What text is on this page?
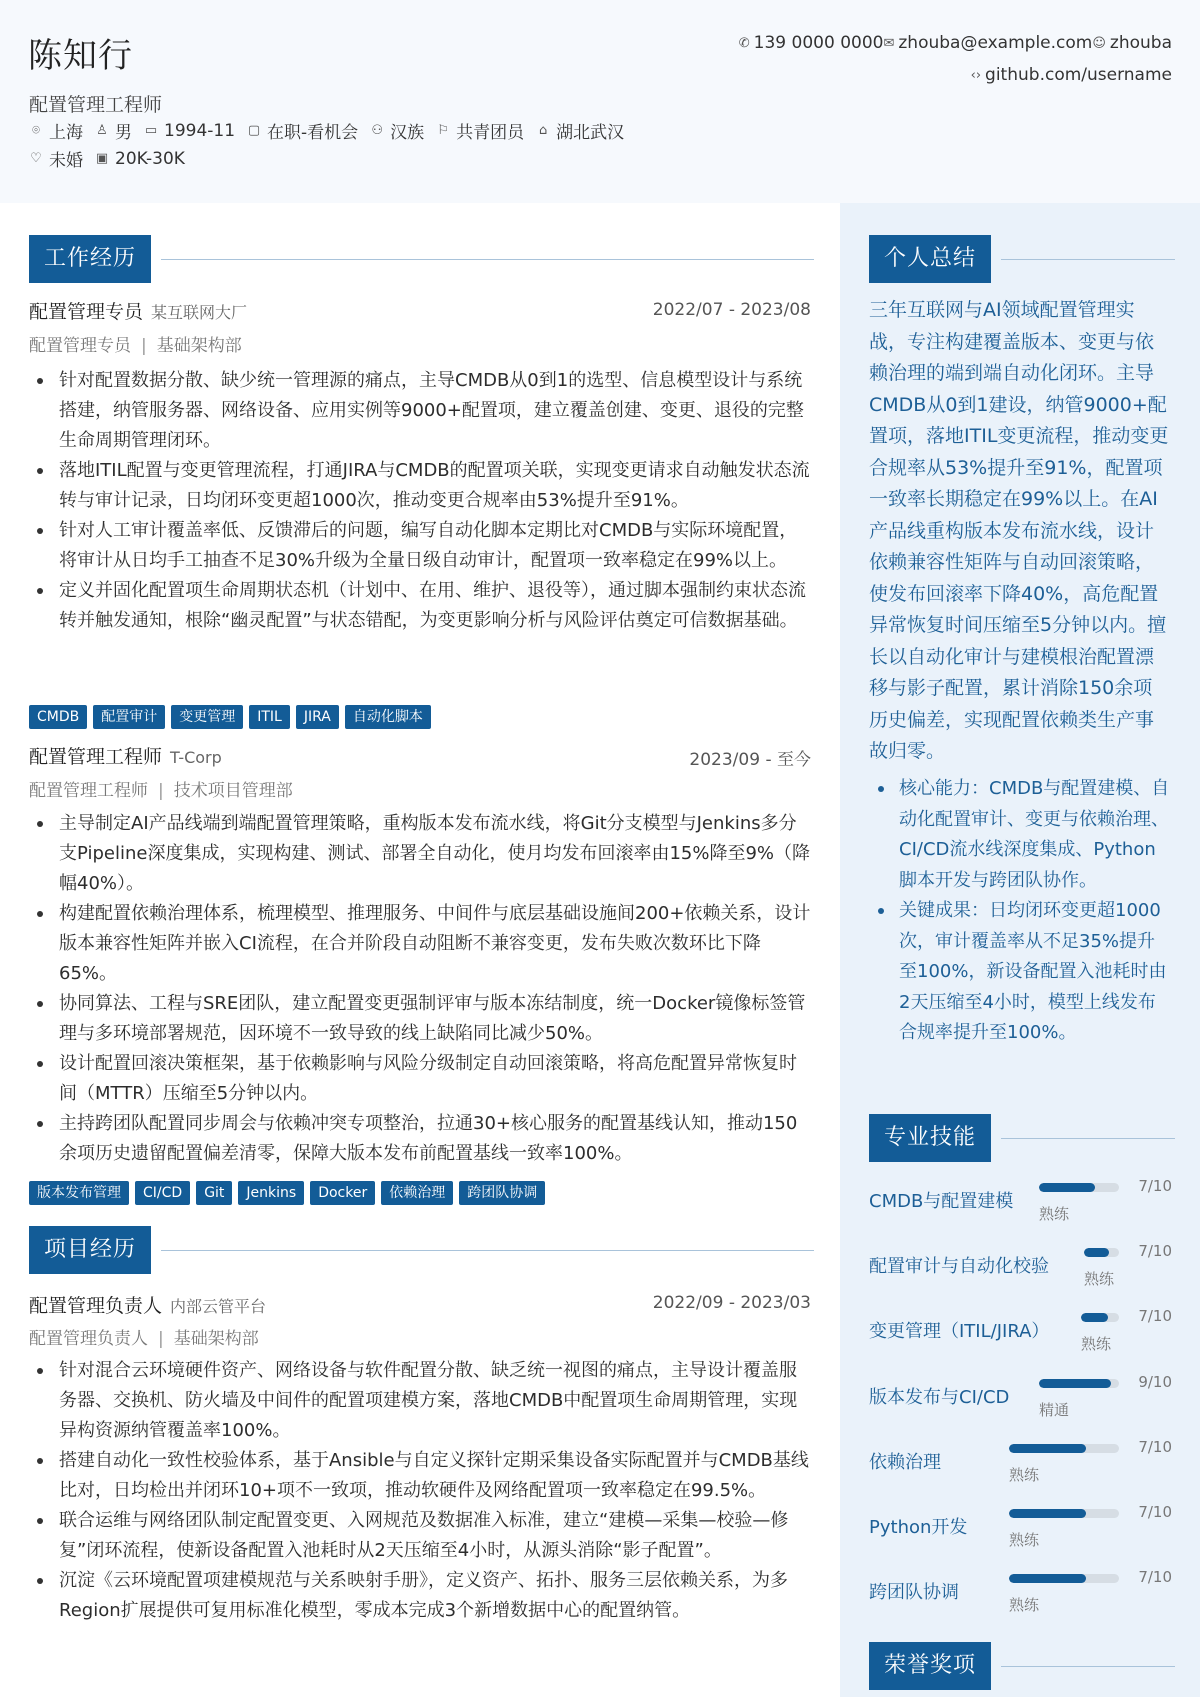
陈知行
配置管理工程师
⌾ 上海 ♙ 男 ▭ 1994-11 ▢ 在职-看机会 ⚇ 汉族 ⚐ 共青团员 ⌂ 湖北武汉
♡ 未婚 ▣ 20K-30K
✆ 139 0000 0000 ✉ zhouba@example.com ☺ zhouba
‹› github.com/username
工作经历
配置管理专员 某互联网大厂	2022/07 - 2023/08
配置管理专员 | 基础架构部
针对配置数据分散、缺少统一管理源的痛点，主导CMDB从0到1的选型、信息模型设计与系统搭建，纳管服务器、网络设备、应用实例等9000+配置项，建立覆盖创建、变更、退役的完整生命周期管理闭环。
落地ITIL配置与变更管理流程，打通JIRA与CMDB的配置项关联，实现变更请求自动触发状态流转与审计记录，日均闭环变更超1000次，推动变更合规率由53%提升至91%。
针对人工审计覆盖率低、反馈滞后的问题，编写自动化脚本定期比对CMDB与实际环境配置，将审计从日均手工抽查不足30%升级为全量日级自动审计，配置项一致率稳定在99%以上。
定义并固化配置项生命周期状态机（计划中、在用、维护、退役等），通过脚本强制约束状态流转并触发通知，根除“幽灵配置”与状态错配，为变更影响分析与风险评估奠定可信数据基础。
CMDB	配置审计	变更管理	ITIL	JIRA	自动化脚本
配置管理工程师 T-Corp	2023/09 - 至今
配置管理工程师 | 技术项目管理部
主导制定AI产品线端到端配置管理策略，重构版本发布流水线，将Git分支模型与Jenkins多分支Pipeline深度集成，实现构建、测试、部署全自动化，使月均发布回滚率由15%降至9%（降幅40%）。
构建配置依赖治理体系，梳理模型、推理服务、中间件与底层基础设施间200+依赖关系，设计版本兼容性矩阵并嵌入CI流程，在合并阶段自动阻断不兼容变更，发布失败次数环比下降65%。
协同算法、工程与SRE团队，建立配置变更强制评审与版本冻结制度，统一Docker镜像标签管理与多环境部署规范，因环境不一致导致的线上缺陷同比减少50%。
设计配置回滚决策框架，基于依赖影响与风险分级制定自动回滚策略，将高危配置异常恢复时间（MTTR）压缩至5分钟以内。
主持跨团队配置同步周会与依赖冲突专项整治，拉通30+核心服务的配置基线认知，推动150余项历史遗留配置偏差清零，保障大版本发布前配置基线一致率100%。
版本发布管理	CI/CD	Git	Jenkins	Docker	依赖治理	跨团队协调
项目经历
配置管理负责人 内部云管平台	2022/09 - 2023/03
配置管理负责人 | 基础架构部
针对混合云环境硬件资产、网络设备与软件配置分散、缺乏统一视图的痛点，主导设计覆盖服务器、交换机、防火墙及中间件的配置项建模方案，落地CMDB中配置项生命周期管理，实现异构资源纳管覆盖率100%。
搭建自动化一致性校验体系，基于Ansible与自定义探针定期采集设备实际配置并与CMDB基线比对，日均检出并闭环10+项不一致项，推动软硬件及网络配置项一致率稳定在99.5%。
联合运维与网络团队制定配置变更、入网规范及数据准入标准，建立“建模—采集—校验—修复”闭环流程，使新设备配置入池耗时从2天压缩至4小时，从源头消除“影子配置”。
沉淀《云环境配置项建模规范与关系映射手册》，定义资产、拓扑、服务三层依赖关系，为多Region扩展提供可复用标准化模型，零成本完成3个新增数据中心的配置纳管。
个人总结
三年互联网与AI领域配置管理实战，专注构建覆盖版本、变更与依赖治理的端到端自动化闭环。主导CMDB从0到1建设，纳管9000+配置项，落地ITIL变更流程，推动变更合规率从53%提升至91%，配置项一致率长期稳定在99%以上。在AI产品线重构版本发布流水线，设计依赖兼容性矩阵与自动回滚策略，使发布回滚率下降40%，高危配置异常恢复时间压缩至5分钟以内。擅长以自动化审计与建模根治配置漂移与影子配置，累计消除150余项历史偏差，实现配置依赖类生产事故归零。
核心能力：CMDB与配置建模、自动化配置审计、变更与依赖治理、CI/CD流水线深度集成、Python脚本开发与跨团队协作。
关键成果：日均闭环变更超1000次，审计覆盖率从不足35%提升至100%，新设备配置入池耗时由2天压缩至4小时，模型上线发布合规率提升至100%。
专业技能
CMDB与配置建模
熟练
7/10
配置审计与自动化校验
熟练
7/10
变更管理（ITIL/JIRA）
熟练
7/10
版本发布与CI/CD
精通
9/10
依赖治理
熟练
7/10
Python开发
熟练
7/10
跨团队协调
熟练
7/10
荣誉奖项
